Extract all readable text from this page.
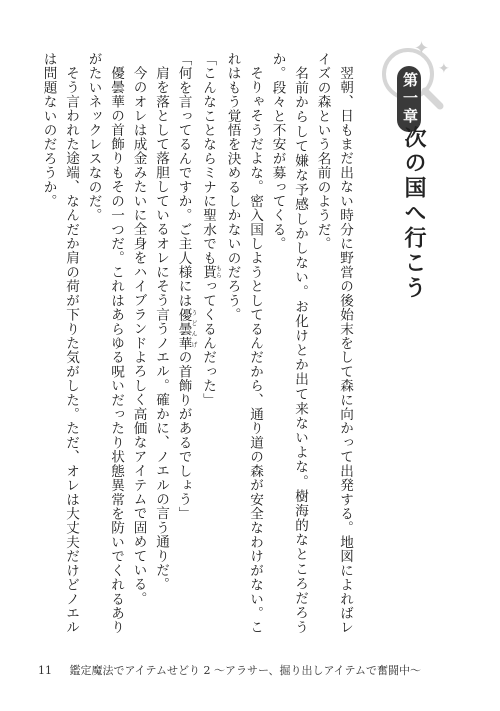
✦
✦
第一章
次の国へ行こう

翌朝、日もまだ出ない時分に野営の後始末をして森に向かって出発する。地図によればレイズの森という名前のようだ。

名前からして嫌な予感しかしない。お化けとか出て来ないよな。樹海的なところだろうか。段々と不安が募ってくる。

そりゃそうだよな。密入国しようとしてるんだから、通り道の森が安全なわけがない。これはもう覚悟を決めるしかないのだろう。

「こんなことならミナに聖水でも貰もらってくるんだった」

「何を言ってるんですか。ご主人様には優曇華うどんげの首飾りがあるでしょう」

肩を落として落胆しているオレにそう言うノエル。確かに、ノエルの言う通りだ。

今のオレは成金みたいに全身をハイブランドよろしく高価なアイテムで固めている。

優曇華の首飾りもその一つだ。これはあらゆる呪いだったり状態異常を防いでくれるありがたいネックレスなのだ。

そう言われた途端、なんだか肩の荷が下りた気がした。ただ、オレは大丈夫だけどノエルは問題ないのだろうか。

11 鑑定魔法でアイテムせどり 2 〜アラサー、掘り出しアイテムで奮闘中〜
